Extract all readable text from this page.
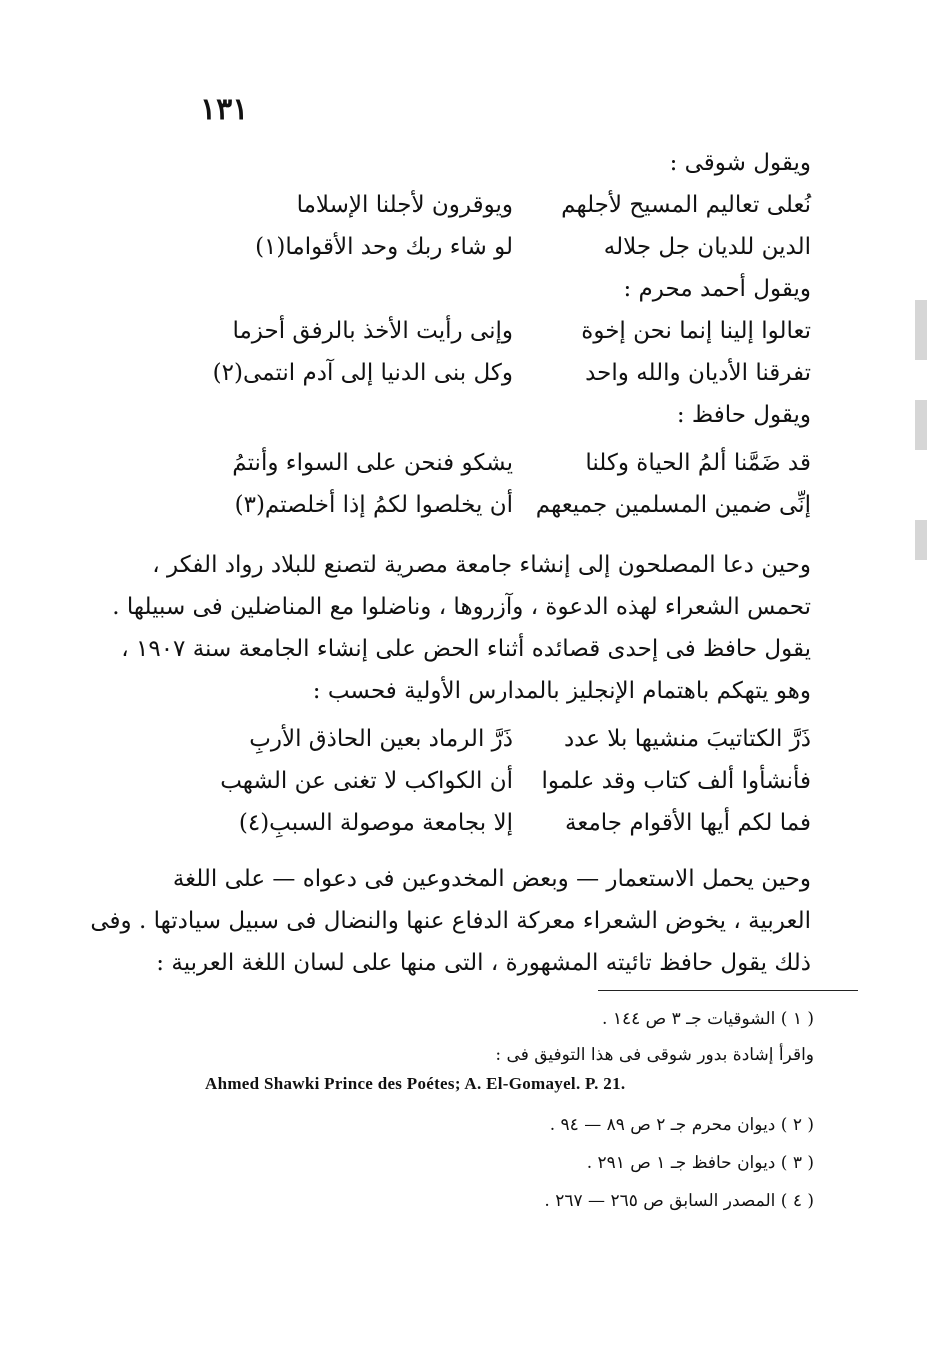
١٣١
ويقول شوقى :
نُعلى تعاليم المسيح لأجلهم
ويوقرون لأجلنا الإسلاما
الدين للديان جل جلاله
لو شاء ربك وحد الأقواما(١)
ويقول أحمد محرم :
تعالوا إلينا إنما نحن إخوة
وإنى رأيت الأخذ بالرفق أحزما
تفرقنا الأديان والله واحد
وكل بنى الدنيا إلى آدم انتمى(٢)
ويقول حافظ :
قد ضَمَّنا ألمُ الحياة وكلنا
يشكو فنحن على السواء وأنتمُ
إنِّى ضمين المسلمين جميعهم
أن يخلصوا لكمُ إذا أخلصتم(٣)
وحين دعا المصلحون إلى إنشاء جامعة مصرية لتصنع للبلاد رواد الفكر ،
تحمس الشعراء لهذه الدعوة ، وآزروها ، وناضلوا مع المناضلين فى سبيلها .
يقول حافظ فى إحدى قصائده أثناء الحض على إنشاء الجامعة سنة ١٩٠٧ ،
وهو يتهكم باهتمام الإنجليز بالمدارس الأولية فحسب :
ذَرَّ الكتاتيبَ منشيها بلا عدد
ذَرَّ الرماد بعين الحاذق الأربِ
فأنشأوا ألف كتاب وقد علموا
أن الكواكب لا تغنى عن الشهب
فما لكم أيها الأقوام جامعة
إلا بجامعة موصولة السببِ(٤)
وحين يحمل الاستعمار — وبعض المخدوعين فى دعواه — على اللغة
العربية ، يخوض الشعراء معركة الدفاع عنها والنضال فى سبيل سيادتها . وفى
ذلك يقول حافظ تائيته المشهورة ، التى منها على لسان اللغة العربية :
( ١ ) الشوقيات جـ ٣ ص ١٤٤ .
واقرأ إشادة بدور شوقى فى هذا التوفيق فى :
Ahmed Shawki Prince des Poétes; A. El-Gomayel. P. 21.
( ٢ ) ديوان محرم جـ ٢ ص ٨٩ — ٩٤ .
( ٣ ) ديوان حافظ جـ ١ ص ٢٩١ .
( ٤ ) المصدر السابق ص ٢٦٥ — ٢٦٧ .
